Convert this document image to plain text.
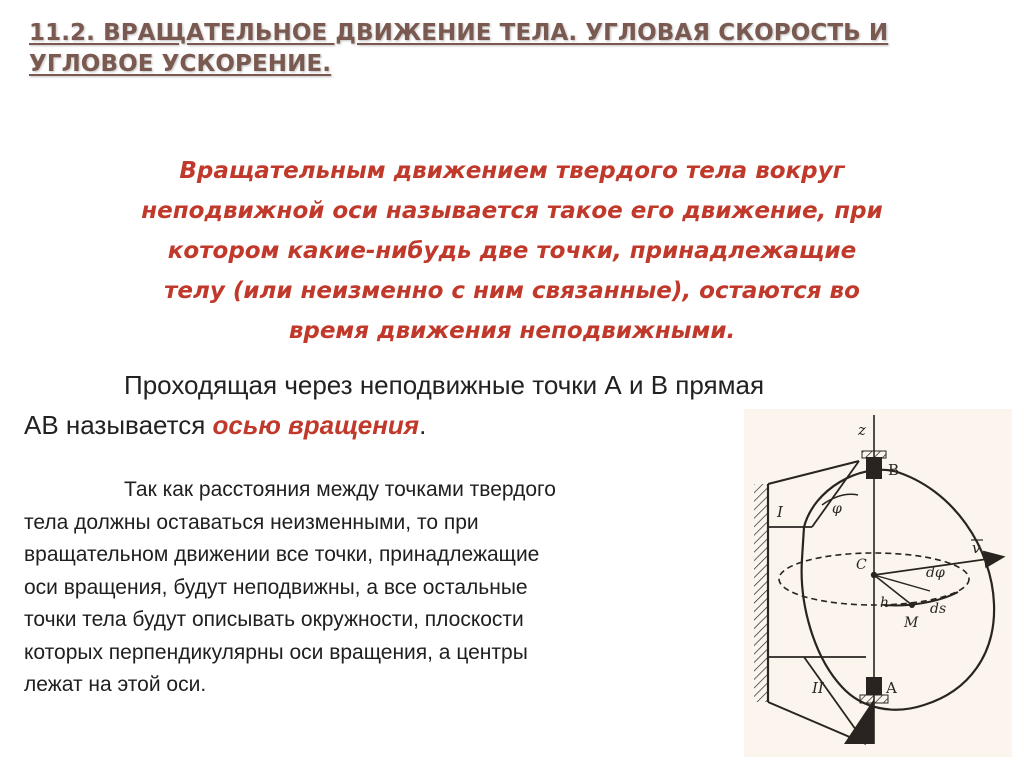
11.2. ВРАЩАТЕЛЬНОЕ ДВИЖЕНИЕ ТЕЛА. УГЛОВАЯ СКОРОСТЬ И
УГЛОВОЕ УСКОРЕНИЕ.
Вращательным движением твердого тела вокруг
неподвижной оси называется такое его движение, при
котором какие-нибудь две точки, принадлежащие
телу (или неизменно с ним связанные), остаются во
время движения неподвижными.
Проходящая через неподвижные точки А и В прямая
АВ называется осью вращения.
Так как расстояния между точками твердого
тела должны оставаться неизменными, то при
вращательном движении все точки, принадлежащие
оси вращения, будут неподвижны, а все остальные
точки тела будут описывать окружности, плоскости
которых перпендикулярны оси вращения, а центры
лежат на этой оси.
z
B
I	φ
C	dφ
v
h	ds
M
II	A
